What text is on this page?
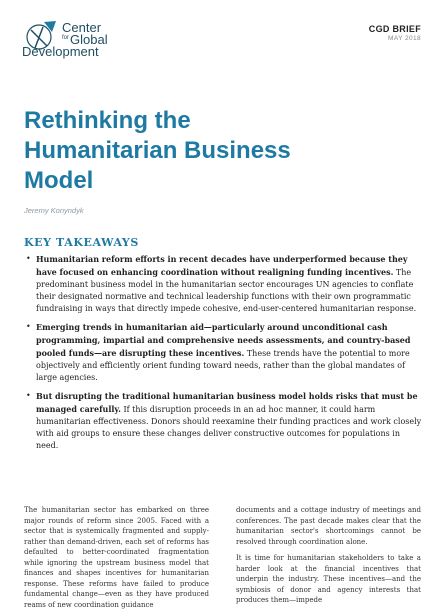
Center
forGlobal
Development
CGD BRIEF
MAY 2018
Rethinking the Humanitarian Business Model
Jeremy Konyndyk
KEY TAKEAWAYS
• Humanitarian reform efforts in recent decades have underperformed because they have focused on enhancing coordination without realigning funding incentives. The predominant business model in the humanitarian sector encourages UN agencies to conflate their designated normative and technical leadership functions with their own programmatic fundraising in ways that directly impede cohesive, end-user-centered humanitarian response.
• Emerging trends in humanitarian aid—particularly around unconditional cash programming, impartial and comprehensive needs assessments, and country-based pooled funds—are disrupting these incentives. These trends have the potential to more objectively and efficiently orient funding toward needs, rather than the global mandates of large agencies.
• But disrupting the traditional humanitarian business model holds risks that must be managed carefully. If this disruption proceeds in an ad hoc manner, it could harm humanitarian effectiveness. Donors should reexamine their funding practices and work closely with aid groups to ensure these changes deliver constructive outcomes for populations in need.

The humanitarian sector has embarked on three major rounds of reform since 2005. Faced with a sector that is systemically fragmented and supply- rather than demand-driven, each set of reforms has defaulted to better-coordinated fragmentation while ignoring the upstream business model that finances and shapes incentives for humanitarian response. These reforms have failed to produce fundamental change—even as they have produced reams of new coordination guidance

documents and a cottage industry of meetings and conferences. The past decade makes clear that the humanitarian sector's shortcomings cannot be resolved through coordination alone.

It is time for humanitarian stakeholders to take a harder look at the financial incentives that underpin the industry. These incentives—and the symbiosis of donor and agency interests that produces them—impede
